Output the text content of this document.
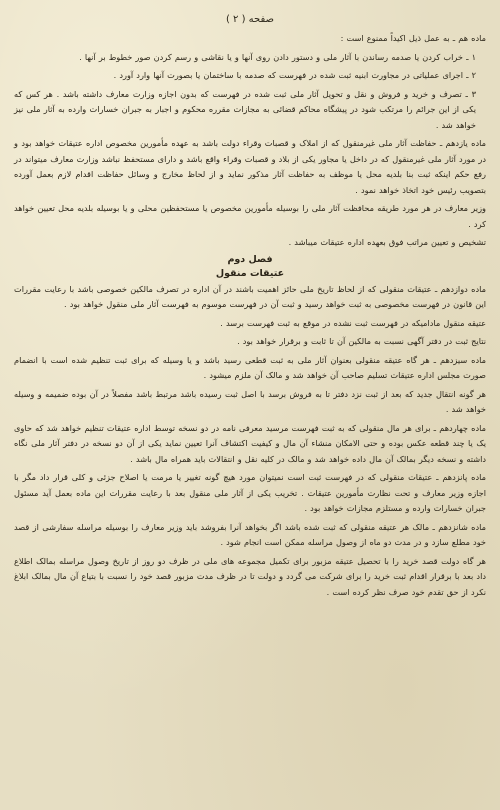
صفحه ( ۲ )

ماده هم ـ به عمل ذیل اکیداً ممنوع است :

۱ ـ خراب کردن یا صدمه رساندن با آثار ملی و دستور دادن روی آنها و یا نقاشی و رسم کردن صور خطوط بر آنها .

۲ ـ اجرای عملیاتی در مجاورت ابنیه ثبت شده در فهرست که صدمه با ساختمان یا بصورت آنها وارد آورد .

۳ ـ تصرف و خرید و فروش و نقل و تحویل آثار ملی ثبت شده در فهرست که بدون اجازه وزارت معارف داشته باشد . هر کس که یکی از این جرائم را مرتکب شود در پیشگاه محاکم قضائی به مجازات مقرره محکوم و اجبار به جبران خسارات وارده به آثار ملی نیز خواهد شد .

ماده یازدهم ـ حفاظت آثار ملی غیرمنقول که از املاک و قصبات وقراء دولت باشد به عهده مأمورین مخصوص اداره عتیقات خواهد بود و در مورد آثار ملی غیرمنقول که در داخل یا مجاور یکی از بلاد و قصبات وقراء واقع باشد و دارای مستحفظ نباشد وزارت معارف میتواند در رفع حکم اینکه ثبت بنا بلدیه محل یا موظف به حفاظت آثار مذکور نماید و از لحاظ مخارج و وسائل حفاظت اقدام لازم بعمل آورده بتصویب رئیس خود اتخاذ خواهد نمود .

وزیر معارف در هر مورد طریقه محافظت آثار ملی را بوسیله مأمورین مخصوص یا مستحفظین محلی و یا بوسیله بلدیه محل تعیین خواهد کرد .

تشخیص و تعیین مراتب فوق بعهده اداره عتیقات میباشد .

فصل دوم
عتیقات منقول

ماده دوازدهم ـ عتیقات منقولی که از لحاظ تاریخ ملی حائز اهمیت باشند در آن اداره در تصرف مالکین خصوصی باشد با رعایت مقررات این قانون در فهرست مخصوصی به ثبت خواهد رسید و ثبت آن در فهرست موسوم به فهرست آثار ملی منقول خواهد بود .

عتیقه منقول مادامیکه در فهرست ثبت نشده در موقع به ثبت فهرست برسد .

نتایج ثبت در دفتر آگهی نسبت به مالکین آن تا ثابت و برقرار خواهد بود .

ماده سیزدهم ـ هر گاه عتیقه منقولی بعنوان آثار ملی به ثبت قطعی رسید باشد و یا وسیله که برای ثبت تنظیم شده است با انضمام صورت مجلس اداره عتیقات تسلیم صاحب آن خواهد شد و مالک آن ملزم میشود .

هر گونه انتقال جدید که بعد از ثبت نزد دفتر تا به فروش برسد با اصل ثبت رسیده باشد مرتبط باشد مفصلاً در آن بوده ضمیمه و وسیله خواهد شد .

ماده چهاردهم ـ برای هر مال منقولی که به ثبت فهرست مرسید معرفی نامه در دو نسخه توسط اداره عتیقات تنظیم خواهد شد که حاوی یک یا چند قطعه عکس بوده و حتی الامکان منشاء آن مال و کیفیت اکتشاف آنرا تعیین نماید یکی از آن دو نسخه در دفتر آثار ملی نگاه داشته و نسخه دیگر بمالک آن مال داده خواهد شد و مالک در کلیه نقل و انتقالات باید همراه مال باشد .

ماده پانزدهم ـ عتیقات منقولی که در فهرست ثبت است نمیتوان مورد هیچ گونه تغییر یا مرمت یا اصلاح جزئی و کلی قرار داد مگر با اجازه وزیر معارف و تحت نظارت مأمورین عتیقات . تخریب یکی از آثار ملی منقول بعد با رعایت مقررات این ماده بعمل آید مسئول جبران خسارات وارده و مستلزم مجازات خواهد بود .

ماده شانزدهم ـ مالک هر عتیقه منقولی که ثبت شده باشد اگر بخواهد آنرا بفروشد باید وزیر معارف را بوسیله مراسله سفارشی از قصد خود مطلع سازد و در مدت دو ماه از وصول مراسله ممکن است انجام شود .

هر گاه دولت قصد خرید را با تحصیل عتیقه مزبور برای تکمیل مجموعه های ملی در ظرف دو روز از تاریخ وصول مراسله بمالک اطلاع داد بعد با برقرار اقدام ثبت خرید را برای شرکت می گردد و دولت تا در ظرف مدت مزبور قصد خود را نسبت با بتیاع آن مال بمالک ابلاغ نکرد از حق تقدم خود صرف نظر کرده است .
